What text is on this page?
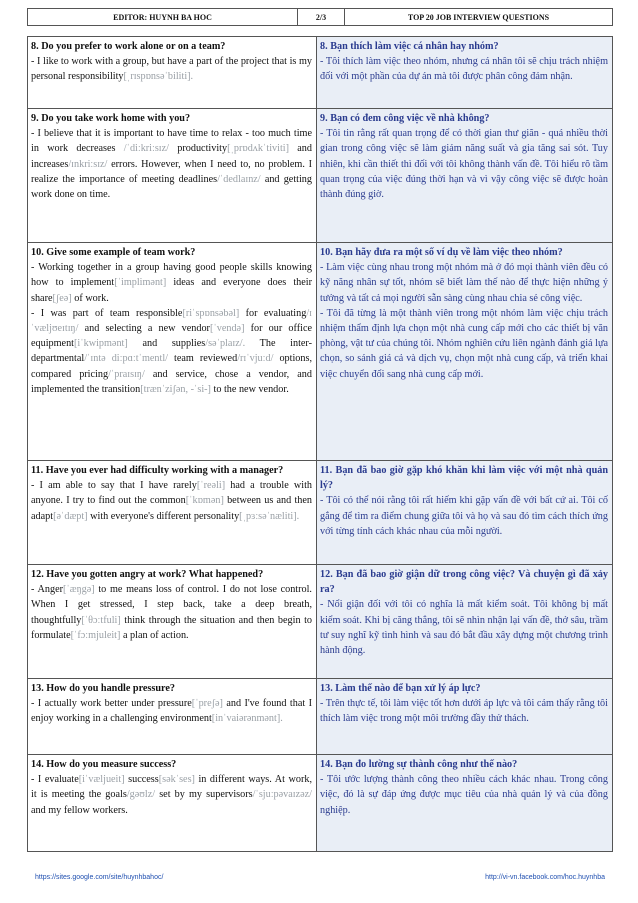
EDITOR: HUYNH BA HOC	2/3	TOP 20 JOB INTERVIEW QUESTIONS
8. Do you prefer to work alone or on a team?
- I like to work with a group, but have a part of the project that is my personal responsibility[ˌrɪspɒnsəˈbiliti].
8. Bạn thích làm việc cá nhân hay nhóm?
- Tôi thích làm việc theo nhóm, nhưng cá nhân tôi sẽ chịu trách nhiệm đối với một phần của dự án mà tôi được phân công đảm nhận.
9. Do you take work home with you?
- I believe that it is important to have time to relax - too much time in work decreases /ˈdiːkriːsɪz/ productivity[ˌprɒdʌkˈtiviti] and increases/ɪnkriːsɪz/ errors. However, when I need to, no problem. I realize the importance of meeting deadlines/ˈdedlaɪnz/ and getting work done on time.
9. Bạn có đem công việc về nhà không?
- Tôi tin rằng rất quan trọng để có thời gian thư giãn - quá nhiều thời gian trong công việc sẽ làm giảm năng suất và gia tăng sai sót. Tuy nhiên, khi cần thiết thì đối với tôi không thành vấn đề. Tôi hiểu rõ tầm quan trọng của việc đúng thời hạn và vì vậy công việc sẽ được hoàn thành đúng giờ.
10. Give some example of team work?
- Working together in a group having good people skills knowing how to implement[ˈimplimənt] ideas and everyone does their share[ʃeə] of work.
- I was part of team responsible[riˈspɒnsəbəl] for evaluating/ɪˈvæljʊeɪtɪŋ/ and selecting a new vendor[ˈvendə] for our office equipment[iˈkwipmənt] and supplies/səˈplaɪz/. The inter-departmental/ˈɪntə diːpɑːtˈmentl/ team reviewed/rɪˈvjuːd/ options, compared pricing/ˈpraɪsɪŋ/ and service, chose a vendor, and implemented the transition[trænˈziʃən, -ˈsi-] to the new vendor.
10. Bạn hãy đưa ra một số ví dụ về làm việc theo nhóm?
- Làm việc cùng nhau trong một nhóm mà ở đó mọi thành viên đều có kỹ năng nhân sự tốt, nhóm sẽ biết làm thế nào để thực hiện những ý tưởng và tất cả mọi người sẵn sàng cùng nhau chia sẻ công việc.
- Tôi đã từng là một thành viên trong một nhóm làm việc chịu trách nhiệm thẩm định lựa chọn một nhà cung cấp mới cho các thiết bị văn phòng, vật tư của chúng tôi. Nhóm nghiên cứu liên ngành đánh giá lựa chọn, so sánh giá cả và dịch vụ, chọn một nhà cung cấp, và triển khai việc chuyển đổi sang nhà cung cấp mới.
11. Have you ever had difficulty working with a manager?
- I am able to say that I have rarely[ˈreəli] had a trouble with anyone. I try to find out the common[ˈkɒmən] between us and then adapt[əˈdæpt] with everyone's different personality[ˌpɜːsəˈnæliti].
11. Bạn đã bao giờ gặp khó khăn khi làm việc với một nhà quản lý?
- Tôi có thể nói rằng tôi rất hiếm khi gặp vấn đề với bất cứ ai. Tôi cố gắng để tìm ra điểm chung giữa tôi và họ và sau đó tìm cách thích ứng với từng tính cách khác nhau của mỗi người.
12. Have you gotten angry at work? What happened?
- Anger[ˈæŋgə] to me means loss of control. I do not lose control. When I get stressed, I step back, take a deep breath, thoughtfully[ˈθɔːtfuli] think through the situation and then begin to formulate[ˈfɔːmjuleit] a plan of action.
12. Bạn đã bao giờ giận dữ trong công việc? Và chuyện gì đã xảy ra?
- Nổi giận đối với tôi có nghĩa là mất kiểm soát. Tôi không bị mất kiểm soát. Khi bị căng thẳng, tôi sẽ nhìn nhận lại vấn đề, thở sâu, trầm tư suy nghĩ kỹ tình hình và sau đó bắt đầu xây dựng một chương trình hành động.
13. How do you handle pressure?
- I actually work better under pressure[ˈpreʃə] and I've found that I enjoy working in a challenging environment[inˈvaiərənmənt].
13. Làm thế nào để bạn xử lý áp lực?
- Trên thực tế, tôi làm việc tốt hơn dưới áp lực và tôi cảm thấy rằng tôi thích làm việc trong một môi trường đầy thử thách.
14. How do you measure success?
- I evaluate[iˈvæljueit] success[səkˈses] in different ways. At work, it is meeting the goals/gəʊlz/ set by my supervisors/ˈsjuːpəvaɪzəz/ and my fellow workers.
14. Bạn đo lường sự thành công như thế nào?
- Tôi ước lượng thành công theo nhiều cách khác nhau. Trong công việc, đó là sự đáp ứng được mục tiêu của nhà quản lý và của đồng nghiệp.
https://sites.google.com/site/huynhbahoc/	http://vi-vn.facebook.com/hoc.huynhba
